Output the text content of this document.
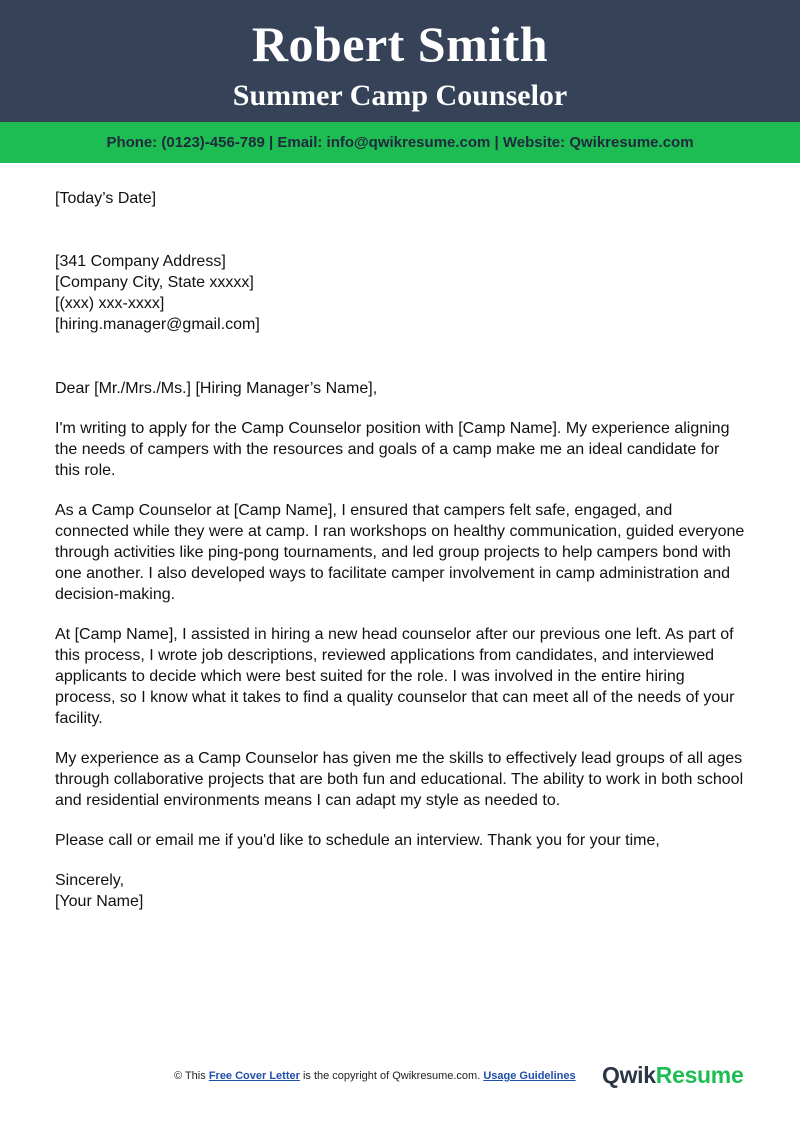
Robert Smith
Summer Camp Counselor
Phone: (0123)-456-789 | Email: info@qwikresume.com | Website: Qwikresume.com

[Today’s Date]

[341 Company Address]

[Company City, State xxxxx]

[(xxx) xxx-xxxx]

[hiring.manager@gmail.com]

Dear [Mr./Mrs./Ms.] [Hiring Manager’s Name],

I'm writing to apply for the Camp Counselor position with [Camp Name]. My experience aligning the needs of campers with the resources and goals of a camp make me an ideal candidate for this role.

As a Camp Counselor at [Camp Name], I ensured that campers felt safe, engaged, and connected while they were at camp. I ran workshops on healthy communication, guided everyone through activities like ping-pong tournaments, and led group projects to help campers bond with one another. I also developed ways to facilitate camper involvement in camp administration and decision-making.

At [Camp Name], I assisted in hiring a new head counselor after our previous one left. As part of this process, I wrote job descriptions, reviewed applications from candidates, and interviewed applicants to decide which were best suited for the role. I was involved in the entire hiring process, so I know what it takes to find a quality counselor that can meet all of the needs of your facility.

My experience as a Camp Counselor has given me the skills to effectively lead groups of all ages through collaborative projects that are both fun and educational. The ability to work in both school and residential environments means I can adapt my style as needed to.

Please call or email me if you'd like to schedule an interview. Thank you for your time,

Sincerely,

[Your Name]

© This Free Cover Letter is the copyright of Qwikresume.com. Usage Guidelines QwikResume
